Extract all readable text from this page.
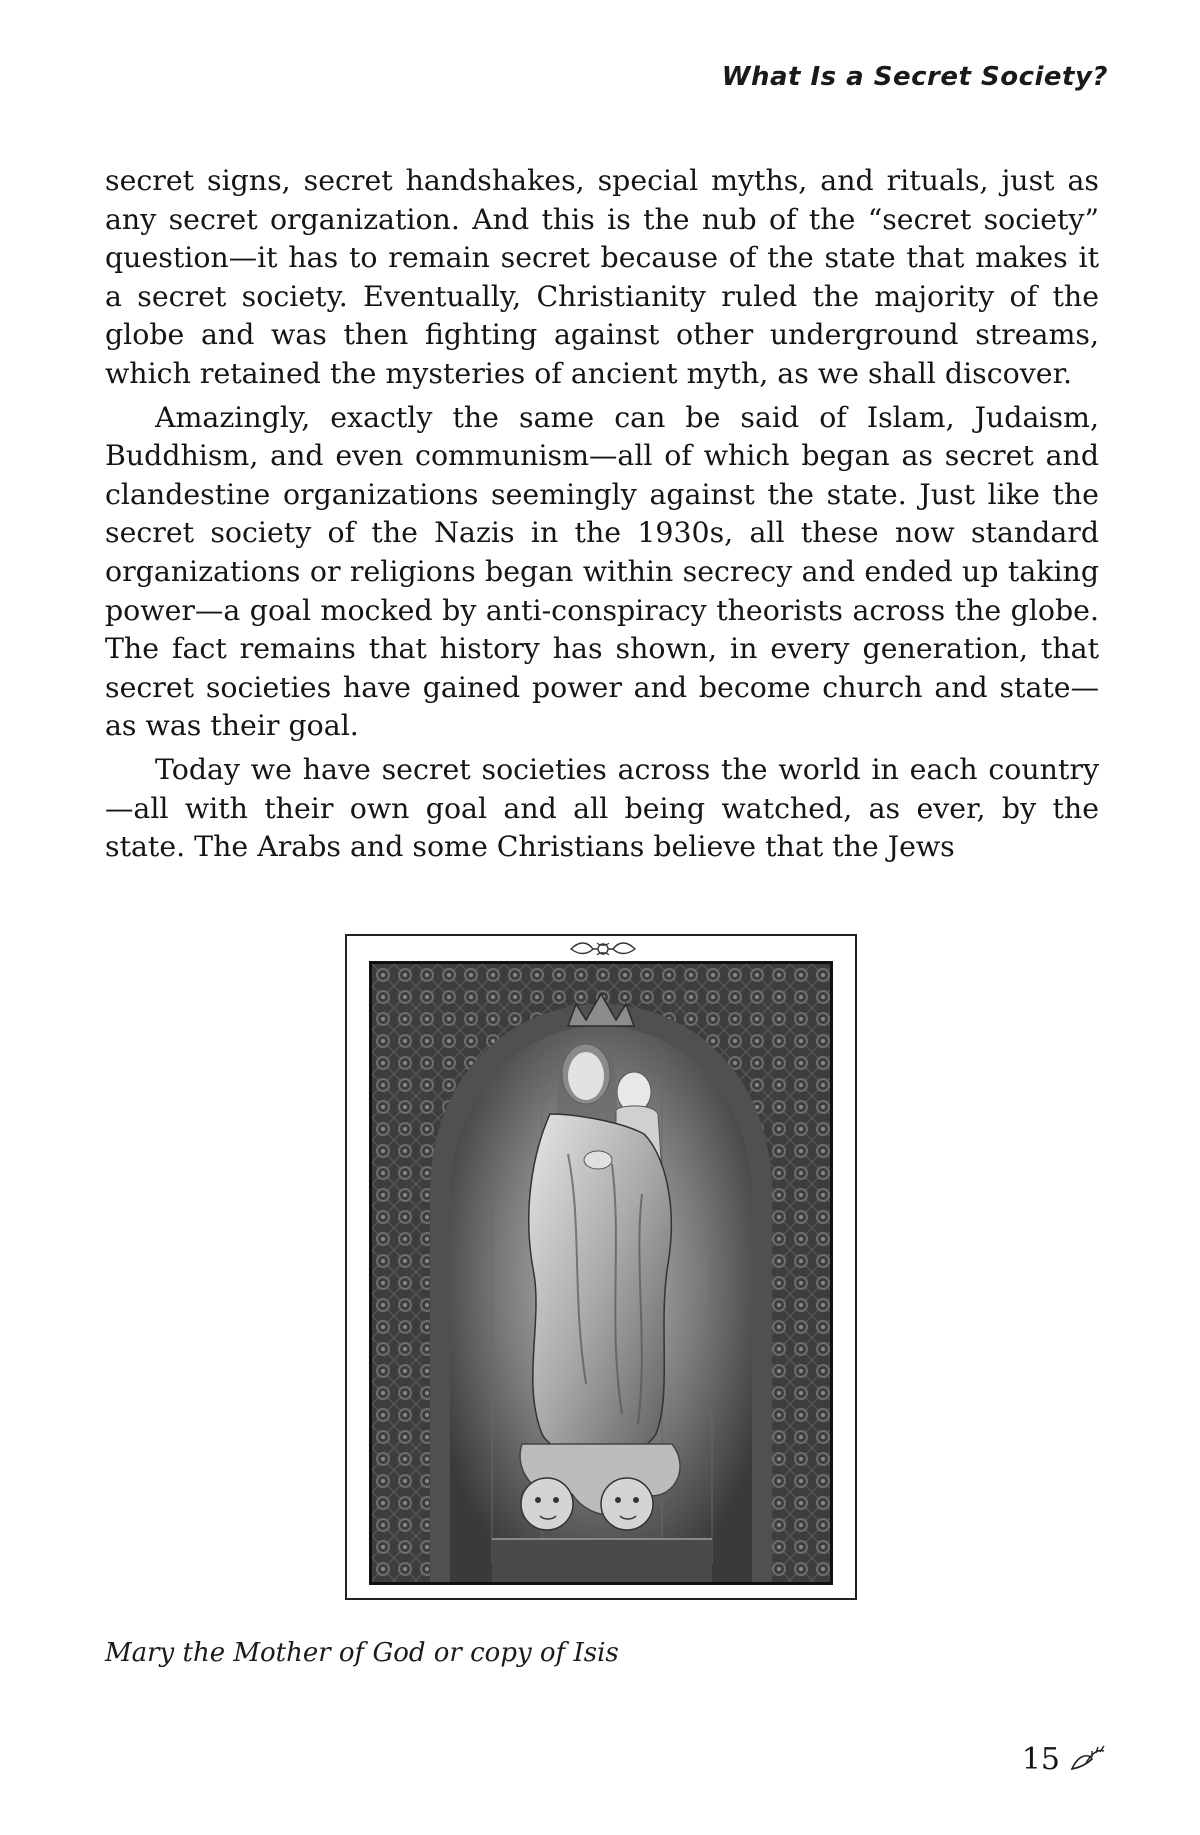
What Is a Secret Society?

secret signs, secret handshakes, special myths, and rituals, just as any secret organization. And this is the nub of the “secret society” question—it has to remain secret because of the state that makes it a secret society. Eventually, Christianity ruled the majority of the globe and was then fighting against other underground streams, which retained the mysteries of ancient myth, as we shall discover.

Amazingly, exactly the same can be said of Islam, Judaism, Buddhism, and even communism—all of which began as secret and clandestine organizations seemingly against the state. Just like the secret society of the Nazis in the 1930s, all these now standard organizations or religions began within secrecy and ended up taking power—a goal mocked by anti-conspiracy theorists across the globe. The fact remains that history has shown, in every generation, that secret societies have gained power and become church and state—as was their goal.

Today we have secret societies across the world in each country—all with their own goal and all being watched, as ever, by the state. The Arabs and some Christians believe that the Jews

Mary the Mother of God or copy of Isis
15
